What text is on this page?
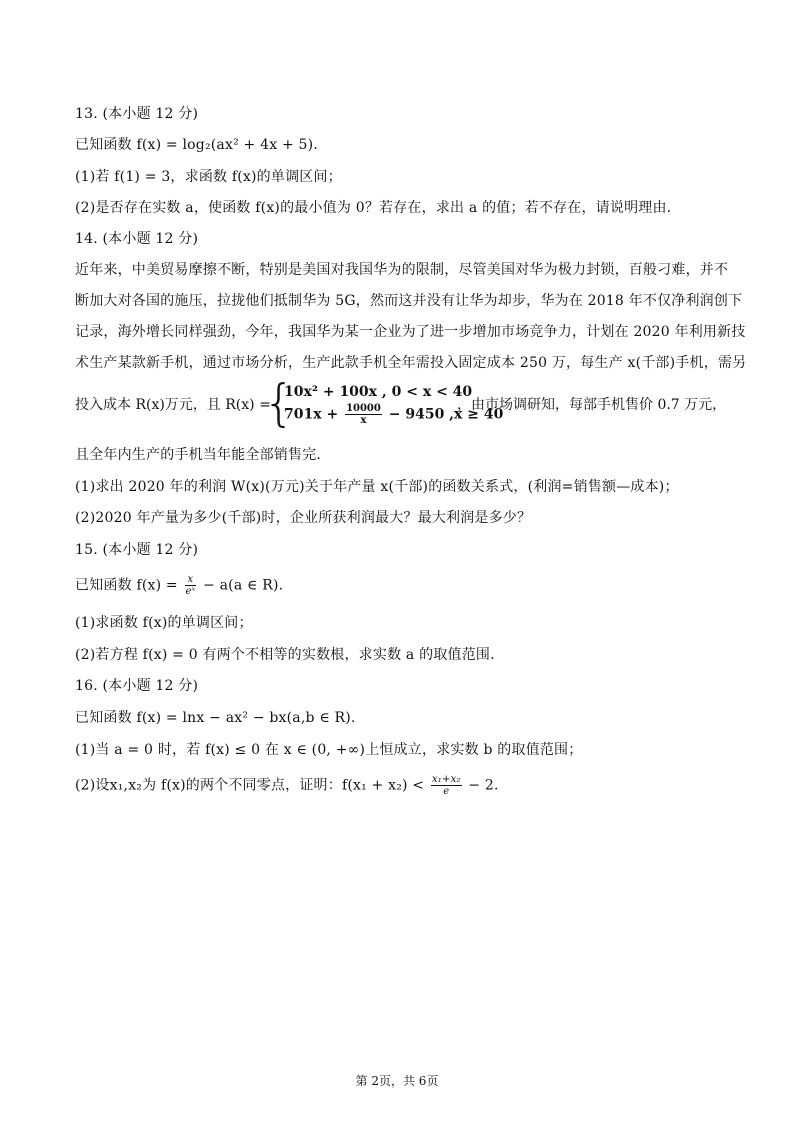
13. (本小题 12 分)
已知函数 f(x) = log₂(ax² + 4x + 5).
(1)若 f(1) = 3，求函数 f(x)的单调区间；
(2)是否存在实数 a，使函数 f(x)的最小值为 0？若存在，求出 a 的值；若不存在，请说明理由.
14. (本小题 12 分)
近年来，中美贸易摩擦不断，特别是美国对我国华为的限制，尽管美国对华为极力封锁，百般刁难，并不
断加大对各国的施压，拉拢他们抵制华为 5G，然而这并没有让华为却步，华为在 2018 年不仅净利润创下
记录，海外增长同样强劲，今年，我国华为某一企业为了进一步增加市场竞争力，计划在 2020 年利用新技
术生产某款新手机，通过市场分析，生产此款手机全年需投入固定成本 250 万，每生产 x(千部)手机，需另
投入成本 R(x)万元，且 R(x) =
{
10x² + 100x , 0 < x < 40
$701x + \frac{10000}{x} - 9450$ ,x ≥ 40
，由市场调研知，每部手机售价 0.7 万元，
且全年内生产的手机当年能全部销售完.
(1)求出 2020 年的利润 W(x)(万元)关于年产量 x(千部)的函数关系式，(利润=销售额—成本)；
(2)2020 年产量为多少(千部)时，企业所获利润最大？最大利润是多少？
15. (本小题 12 分)
已知函数 $f(x) = \frac{x}{\text{eˣ}} - a(a$ ∈ R).
(1)求函数 f(x)的单调区间；
(2)若方程 f(x) = 0 有两个不相等的实数根，求实数 a 的取值范围.
16. (本小题 12 分)
已知函数 f(x) = lnx − ax² − bx(a,b ∈ R).
(1)当 a = 0 时，若 f(x) ≤ 0 在 x ∈ (0, +∞)上恒成立，求实数 b 的取值范围；
(2)设x₁,x₂为 f(x)的两个不同零点，证明：$f(x_1 + x_2) < \frac{\text{x₁+x₂}}{e} - 2$.
第 2页，共 6页
